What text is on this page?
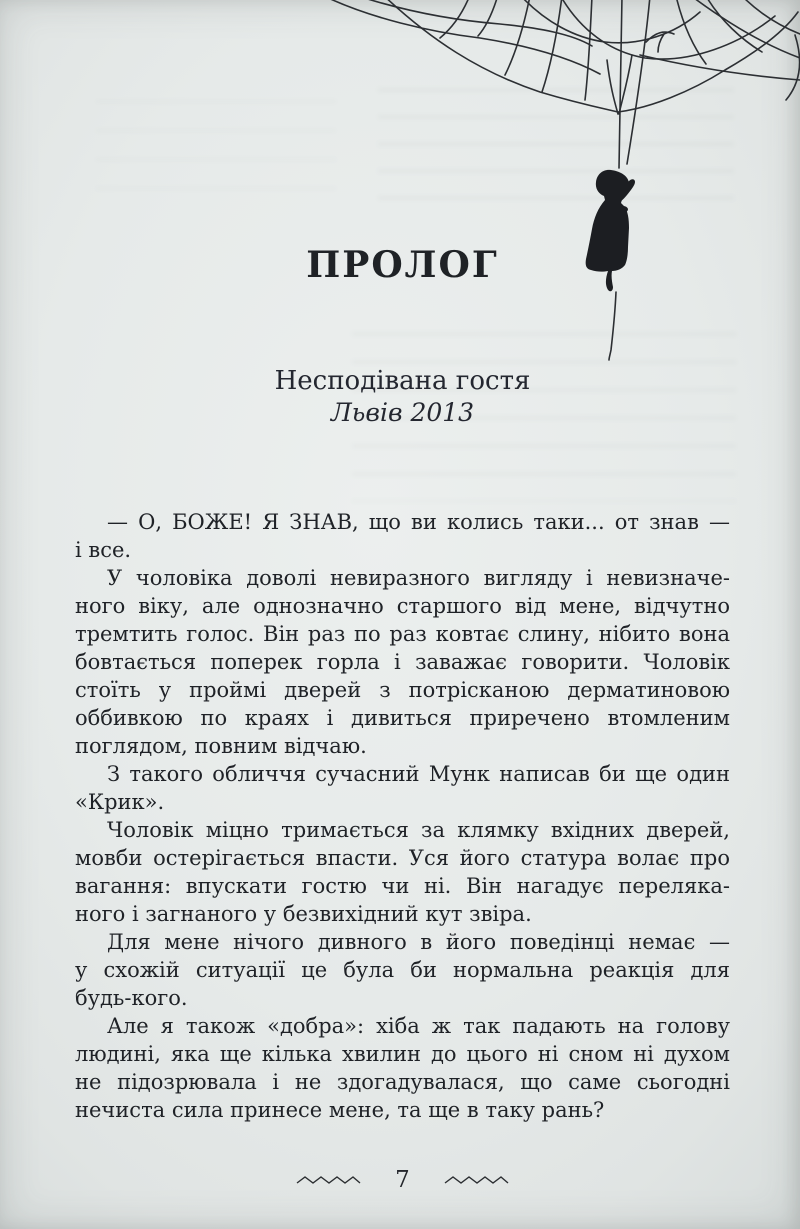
ПРОЛОГ
Несподівана гостя
Львів 2013
— О, БОЖЕ! Я ЗНАВ, що ви колись таки... от знав —
і все.
У чоловіка доволі невиразного вигляду і невизначе-
ного віку, але однозначно старшого від мене, відчутно
тремтить голос. Він раз по раз ковтає слину, нібито вона
бовтається поперек горла і заважає говорити. Чоловік
стоїть у проймі дверей з потрісканою дерматиновою
оббивкою по краях і дивиться приречено втомленим
поглядом, повним відчаю.
З такого обличчя сучасний Мунк написав би ще один
«Крик».
Чоловік міцно тримається за клямку вхідних дверей,
мовби остерігається впасти. Уся його статура волає про
вагання: впускати гостю чи ні. Він нагадує переляка-
ного і загнаного у безвихідний кут звіра.
Для мене нічого дивного в його поведінці немає —
у схожій ситуації це була би нормальна реакція для
будь-кого.
Але я також «добра»: хіба ж так падають на голову
людині, яка ще кілька хвилин до цього ні сном ні духом
не підозрювала і не здогадувалася, що саме сьогодні
нечиста сила принесе мене, та ще в таку рань?
7
